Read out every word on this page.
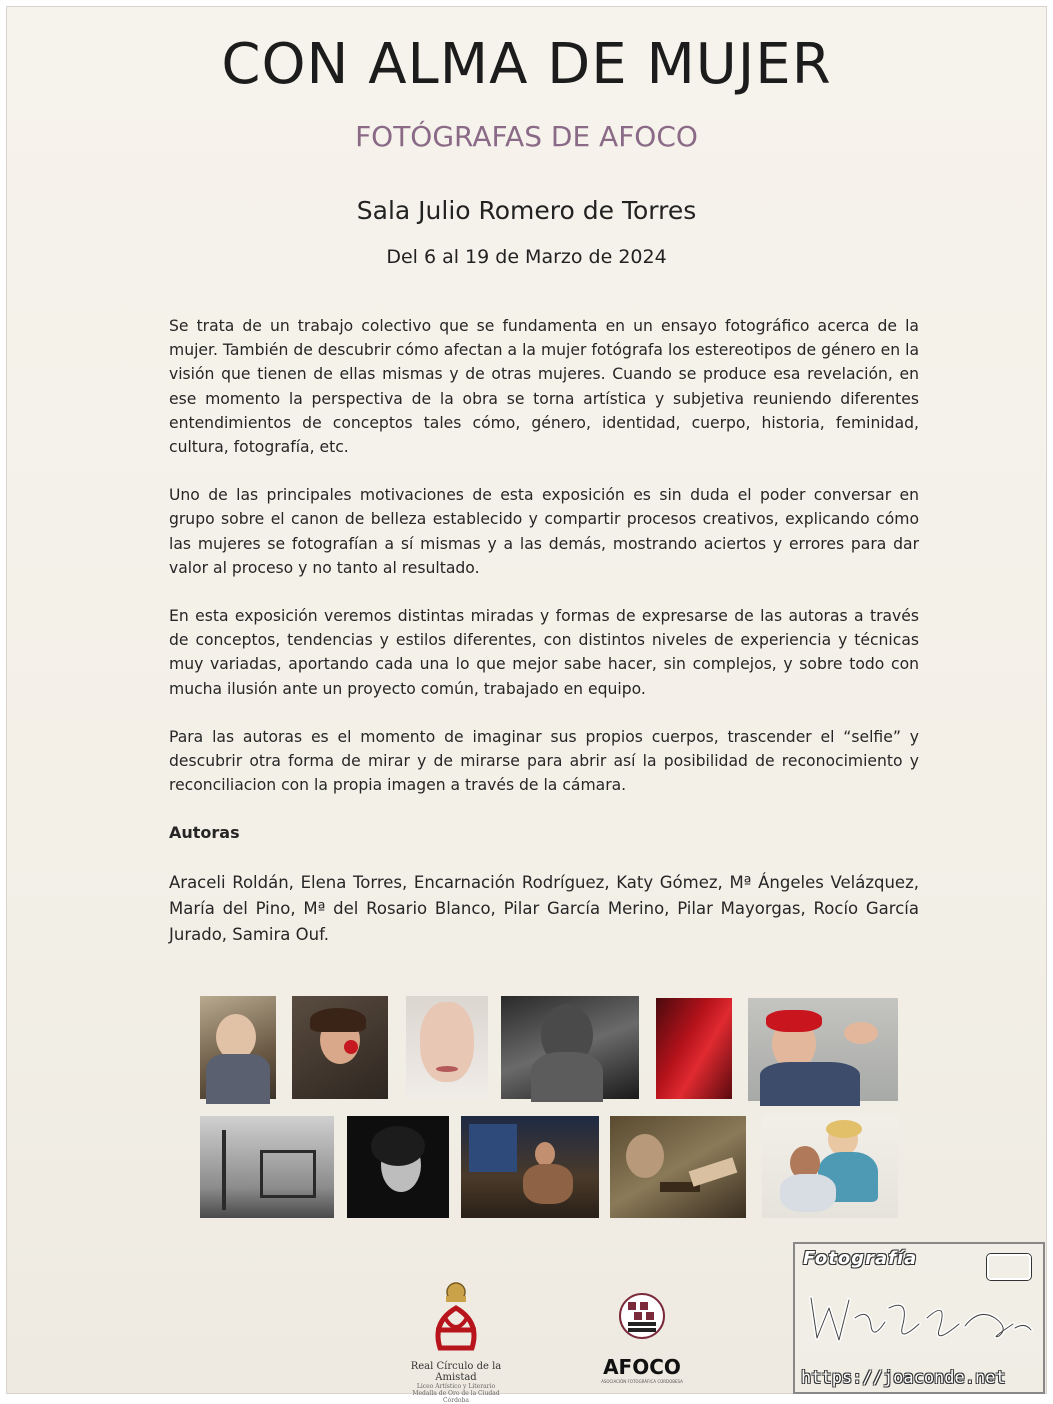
CON ALMA DE MUJER
FOTÓGRAFAS DE AFOCO
Sala Julio Romero de Torres
Del 6 al 19 de Marzo de 2024

Se trata de un trabajo colectivo que se fundamenta en un ensayo fotográfico acerca de la mujer. También de descubrir cómo afectan a la mujer fotógrafa los estereotipos de género en la visión que tienen de ellas mismas y de otras mujeres. Cuando se produce esa revelación, en ese momento la perspectiva de la obra se torna artística y subjetiva reuniendo diferentes entendimientos de conceptos tales cómo, género, identidad, cuerpo, historia, feminidad, cultura, fotografía, etc.

Uno de las principales motivaciones de esta exposición es sin duda el poder conversar en grupo sobre el canon de belleza establecido y compartir procesos creativos, explicando cómo las mujeres se fotografían a sí mismas y a las demás, mostrando aciertos y errores para dar valor al proceso y no tanto al resultado.

En esta exposición veremos distintas miradas y formas de expresarse de las autoras a través de conceptos, tendencias y estilos diferentes, con distintos niveles de experiencia y técnicas muy variadas, aportando cada una lo que mejor sabe hacer, sin complejos, y sobre todo con mucha ilusión ante un proyecto común, trabajado en equipo.

Para las autoras es el momento de imaginar sus propios cuerpos, trascender el “selfie” y descubrir otra forma de mirar y de mirarse para abrir así la posibilidad de reconocimiento y reconciliacion con la propia imagen a través de la cámara.

Autoras

Araceli Roldán, Elena Torres, Encarnación Rodríguez, Katy Gómez, Mª Ángeles Velázquez, María del Pino, Mª del Rosario Blanco, Pilar García Merino, Pilar Mayorgas, Rocío García Jurado, Samira Ouf.

Real Círculo de la Amistad
Liceo Artístico y Literario
Medalla de Oro de la Ciudad
Córdoba
AFOCO
ASOCIACIÓN FOTOGRÁFICA CORDOBESA
Fotografía
https://joaconde.net
